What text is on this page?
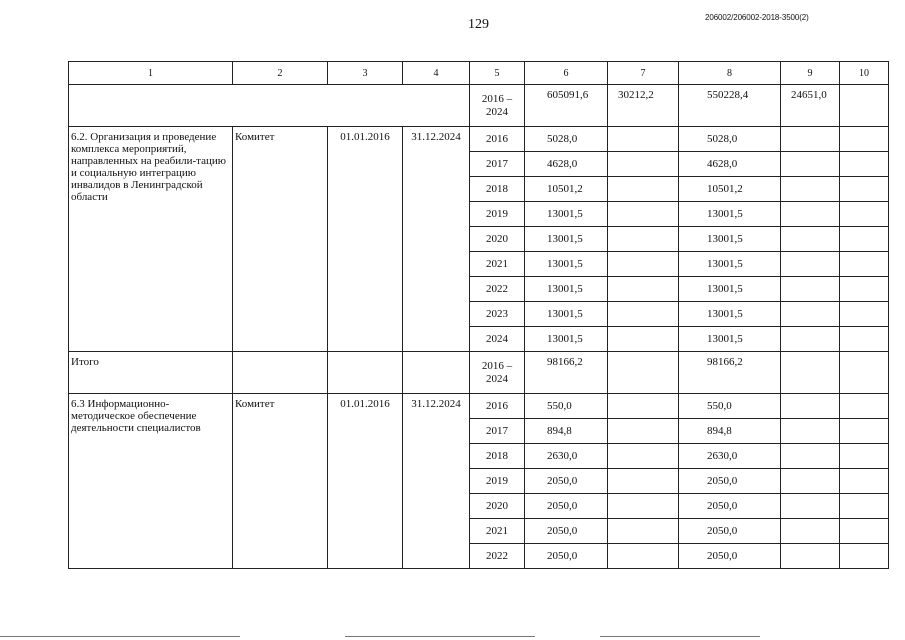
129	206002/206002-2018-3500(2)
1	2	3	4	5	6	7	8	9	10
				2016 – 2024	605091,6	30212,2	550228,4	24651,0	
6.2. Организация и проведение комплекса мероприятий, направленных на реабили-тацию и социальную интеграцию инвалидов в Ленинградской области	Комитет	01.01.2016	31.12.2024	2016	5028,0		5028,0		
				2017	4628,0		4628,0		
				2018	10501,2		10501,2		
				2019	13001,5		13001,5		
				2020	13001,5		13001,5		
				2021	13001,5		13001,5		
				2022	13001,5		13001,5		
				2023	13001,5		13001,5		
				2024	13001,5		13001,5		
Итого				2016 – 2024	98166,2		98166,2		
6.3 Информационно-методическое обеспечение деятельности специалистов	Комитет	01.01.2016	31.12.2024	2016	550,0		550,0		
				2017	894,8		894,8		
				2018	2630,0		2630,0		
				2019	2050,0		2050,0		
				2020	2050,0		2050,0		
				2021	2050,0		2050,0		
				2022	2050,0		2050,0		
